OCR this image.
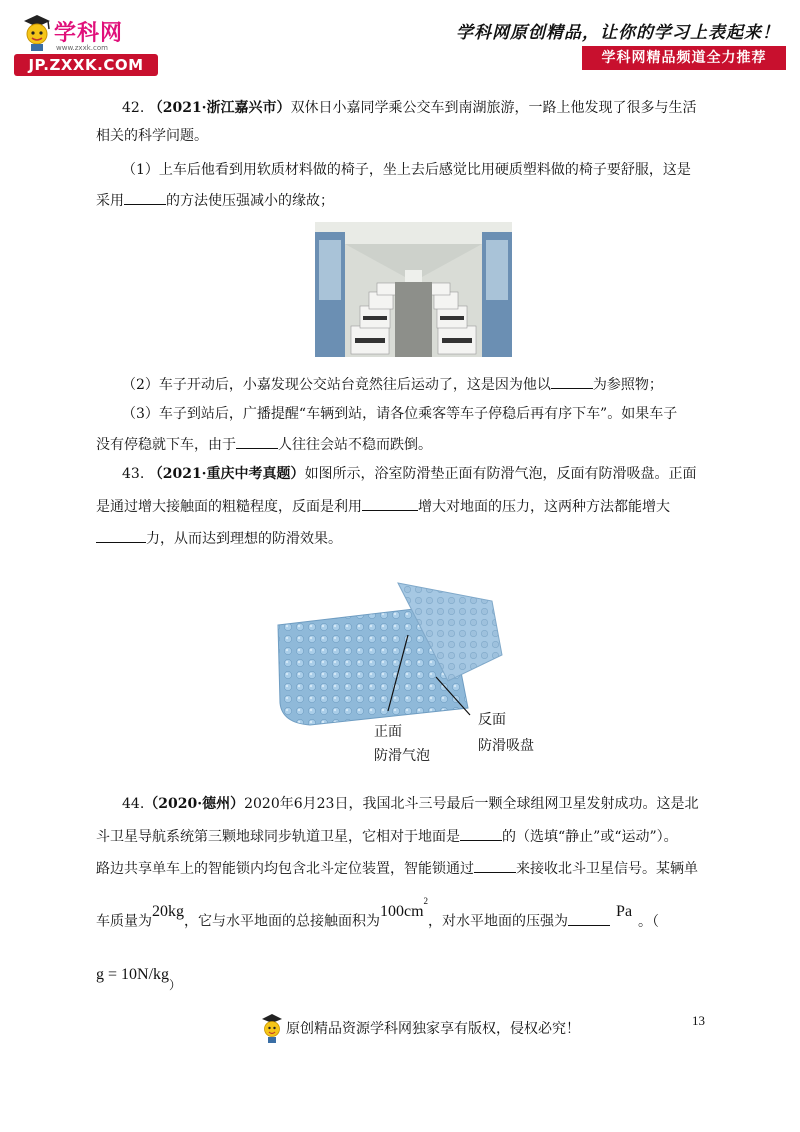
学科网
www.zxxk.com
JP.ZXXK.COM
学科网原创精品，让你的学习上表起来！
学科网精品频道全力推荐
42. （2021·浙江嘉兴市）双休日小嘉同学乘公交车到南湖旅游，一路上他发现了很多与生活
相关的科学问题。
（1）上车后他看到用软质材料做的椅子，坐上去后感觉比用硬质塑料做的椅子要舒服，这是
采用	的方法使压强减小的缘故；
（2）车子开动后，小嘉发现公交站台竟然往后运动了，这是因为他以	为参照物；
（3）车子到站后，广播提醒“车辆到站，请各位乘客等车子停稳后再有序下车”。如果车子
没有停稳就下车，由于	人往往会站不稳而跌倒。
43. （2021·重庆中考真题）如图所示，浴室防滑垫正面有防滑气泡，反面有防滑吸盘。正面
是通过增大接触面的粗糙程度，反面是利用	增大对地面的压力，这两种方法都能增大
力，从而达到理想的防滑效果。
正面
防滑气泡
反面
防滑吸盘
44.（2020·德州）2020年6月23日，我国北斗三号最后一颗全球组网卫星发射成功。这是北
斗卫星导航系统第三颗地球同步轨道卫星，它相对于地面是	的（选填“静止”或“运动”）。
路边共享单车上的智能锁内均包含北斗定位装置，智能锁通过	来接收北斗卫星信号。某辆单
车质量为20kg，它与水平地面的总接触面积为$100cm^2$，对水平地面的压强为Pa。（
g = 10N/kg）
13
原创精品资源学科网独家享有版权，侵权必究！
